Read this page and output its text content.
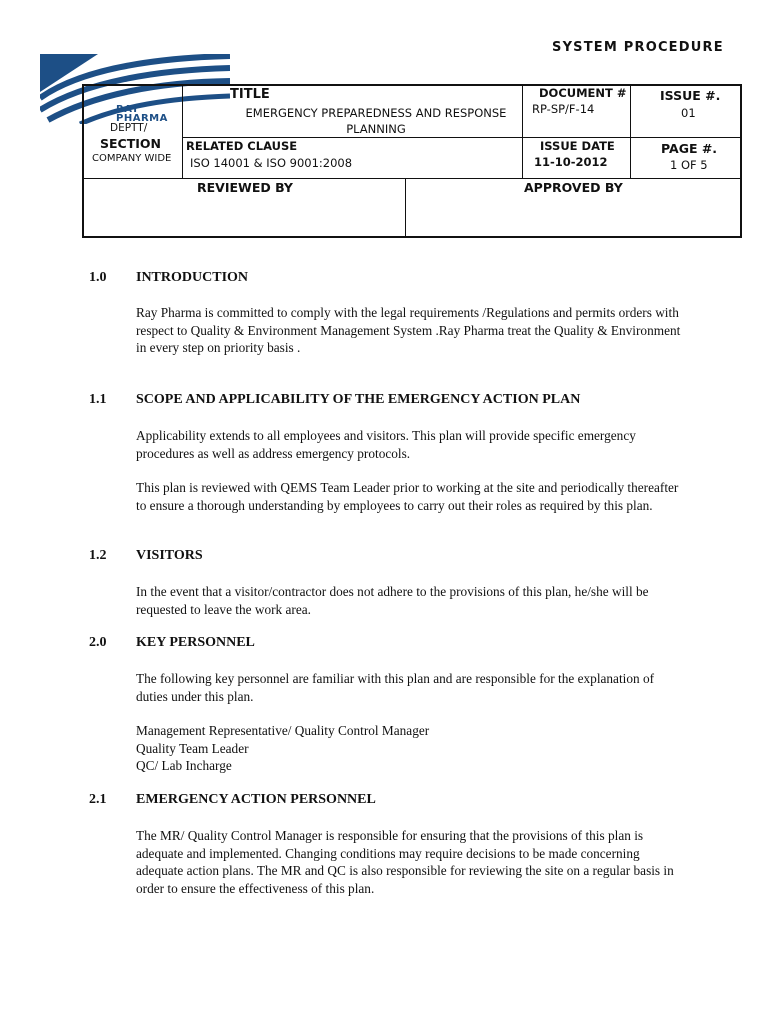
SYSTEM PROCEDURE
RAY
PHARMA
DEPTT/
SECTION
COMPANY WIDE
TITLE
EMERGENCY PREPAREDNESS AND RESPONSE PLANNING
DOCUMENT #
RP-SP/F-14
ISSUE #.
01
RELATED CLAUSE
ISO 14001 & ISO 9001:2008
ISSUE DATE
11-10-2012
PAGE #.
1 OF 5
REVIEWED BY	APPROVED BY
1.0 INTRODUCTION

Ray Pharma is committed to comply with the legal requirements /Regulations and permits orders with respect to Quality & Environment Management System .Ray Pharma treat the Quality & Environment in every step on priority basis .

1.1 SCOPE AND APPLICABILITY OF THE EMERGENCY ACTION PLAN

Applicability extends to all employees and visitors. This plan will provide specific emergency procedures as well as address emergency protocols.

This plan is reviewed with QEMS Team Leader prior to working at the site and periodically thereafter to ensure a thorough understanding by employees to carry out their roles as required by this plan.

1.2 VISITORS

In the event that a visitor/contractor does not adhere to the provisions of this plan, he/she will be requested to leave the work area.

2.0 KEY PERSONNEL

The following key personnel are familiar with this plan and are responsible for the explanation of duties under this plan.

Management Representative/ Quality Control Manager
Quality Team Leader
QC/ Lab Incharge
2.1 EMERGENCY ACTION PERSONNEL

The MR/ Quality Control Manager is responsible for ensuring that the provisions of this plan is adequate and implemented. Changing conditions may require decisions to be made concerning adequate action plans. The MR and QC is also responsible for reviewing the site on a regular basis in order to ensure the effectiveness of this plan.
